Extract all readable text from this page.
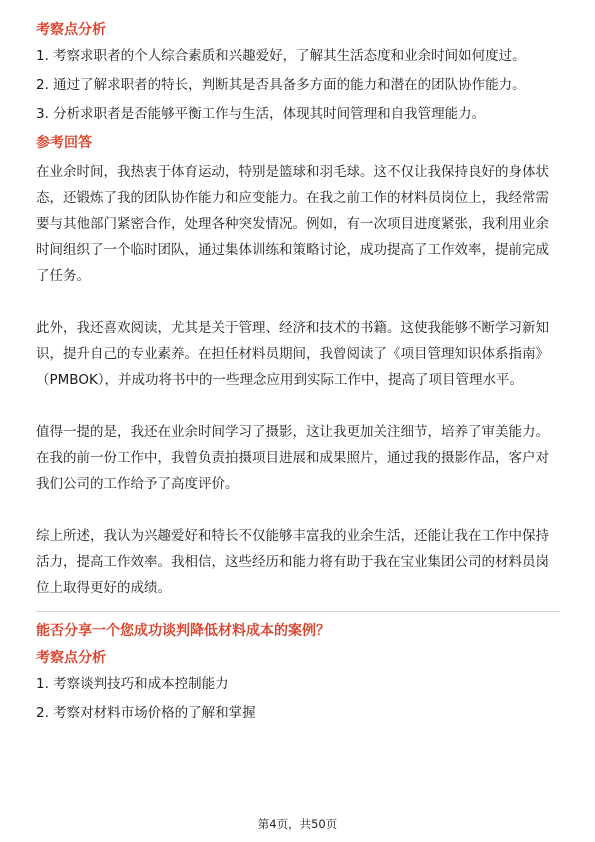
考察点分析
1. 考察求职者的个人综合素质和兴趣爱好，了解其生活态度和业余时间如何度过。
2. 通过了解求职者的特长，判断其是否具备多方面的能力和潜在的团队协作能力。
3. 分析求职者是否能够平衡工作与生活，体现其时间管理和自我管理能力。
参考回答

在业余时间，我热衷于体育运动，特别是篮球和羽毛球。这不仅让我保持良好的身体状态，还锻炼了我的团队协作能力和应变能力。在我之前工作的材料员岗位上，我经常需要与其他部门紧密合作，处理各种突发情况。例如，有一次项目进度紧张，我利用业余时间组织了一个临时团队，通过集体训练和策略讨论，成功提高了工作效率，提前完成了任务。

此外，我还喜欢阅读，尤其是关于管理、经济和技术的书籍。这使我能够不断学习新知识，提升自己的专业素养。在担任材料员期间，我曾阅读了《项目管理知识体系指南》（PMBOK），并成功将书中的一些理念应用到实际工作中，提高了项目管理水平。

值得一提的是，我还在业余时间学习了摄影，这让我更加关注细节，培养了审美能力。在我的前一份工作中，我曾负责拍摄项目进展和成果照片，通过我的摄影作品，客户对我们公司的工作给予了高度评价。

综上所述，我认为兴趣爱好和特长不仅能够丰富我的业余生活，还能让我在工作中保持活力，提高工作效率。我相信，这些经历和能力将有助于我在宝业集团公司的材料员岗位上取得更好的成绩。

能否分享一个您成功谈判降低材料成本的案例？
考察点分析
1. 考察谈判技巧和成本控制能力
2. 考察对材料市场价格的了解和掌握
第4页，共50页
